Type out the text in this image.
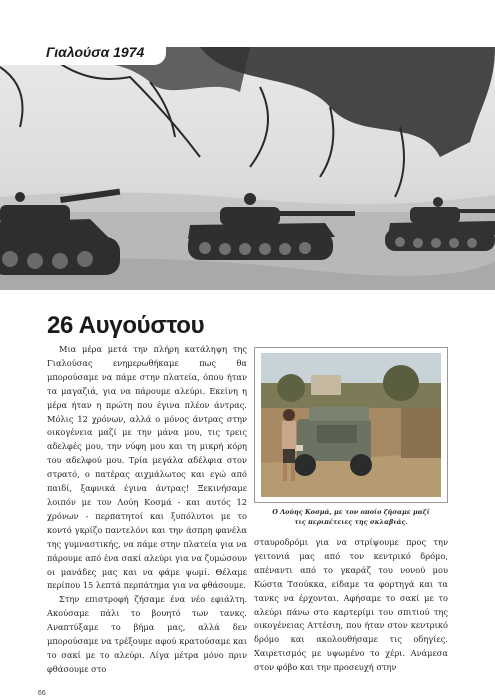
Γιαλούσα 1974
26 Αυγούστου

Μια μέρα μετά την πλήρη κατάληψη της Γιαλούσας ενημερωθήκαμε πως θα μπορούσαμε να πάμε στην πλατεία, όπου ήταν τα μαγαζιά, για να πάρουμε αλεύρι. Εκείνη η μέρα ήταν η πρώτη που έγινα πλέον άντρας. Μόλις 12 χρόνων, αλλά ο μόνος άντρας στην οικογένεια μαζί με την μάνα μου, τις τρεις αδελφές μου, την νύφη μου και τη μικρή κόρη του αδελφού μου. Τρία μεγάλα αδέλφια στον στρατό, ο πατέρας αιχμάλωτος και εγώ από παιδί, ξαφνικά έγινα άντρας! Ξεκινήσαμε λοιπόν με τον Λούη Κοσμά - και αυτός 12 χρόνων - περπατητοί και ξυπόλυτοι με το κοντό γκρίζο παντελόνι και την άσπρη φανέλα της γυμναστικής, να πάμε στην πλατεία για να πάρουμε από ένα σακί αλεύρι για να ζυμώσουν οι μανάδες μας και να φάμε ψωμί. Θέλαμε περίπου 15 λεπτά περπάτημα για να φθάσουμε.

Στην επιστροφή ζήσαμε ένα νέο εφιάλτη. Ακούσαμε πάλι το βουητό των τανκς. Αναπτύξαμε το βήμα μας, αλλά δεν μπορούσαμε να τρέξουμε αφού κρατούσαμε και το σακί με το αλεύρι. Λίγα μέτρα μόνο πριν φθάσουμε στο

Ο Λούης Κοσμά, με τον οποίο ζήσαμε μαζί
τις περιπέτειες της σκλαβιάς.

σταυροδρόμι για να στρίψουμε προς την γειτονιά μας από τον κεντρικό δρόμο, απέναντι από το γκαράζ του νονού μου Κώστα Τσούκκα, είδαμε τα φορτηγά και τα τανκς να έρχονται. Αφήσαμε το σακί με το αλεύρι πάνω στο καρτερίμι του σπιτιού της οικογένειας Αττέσιη, που ήταν στον κεντρικό δρόμο και ακολουθήσαμε τις οδηγίες. Χαιρετισμός με υψωμένο το χέρι. Ανάμεσα στον φόβο και την προσευχή στην

66
